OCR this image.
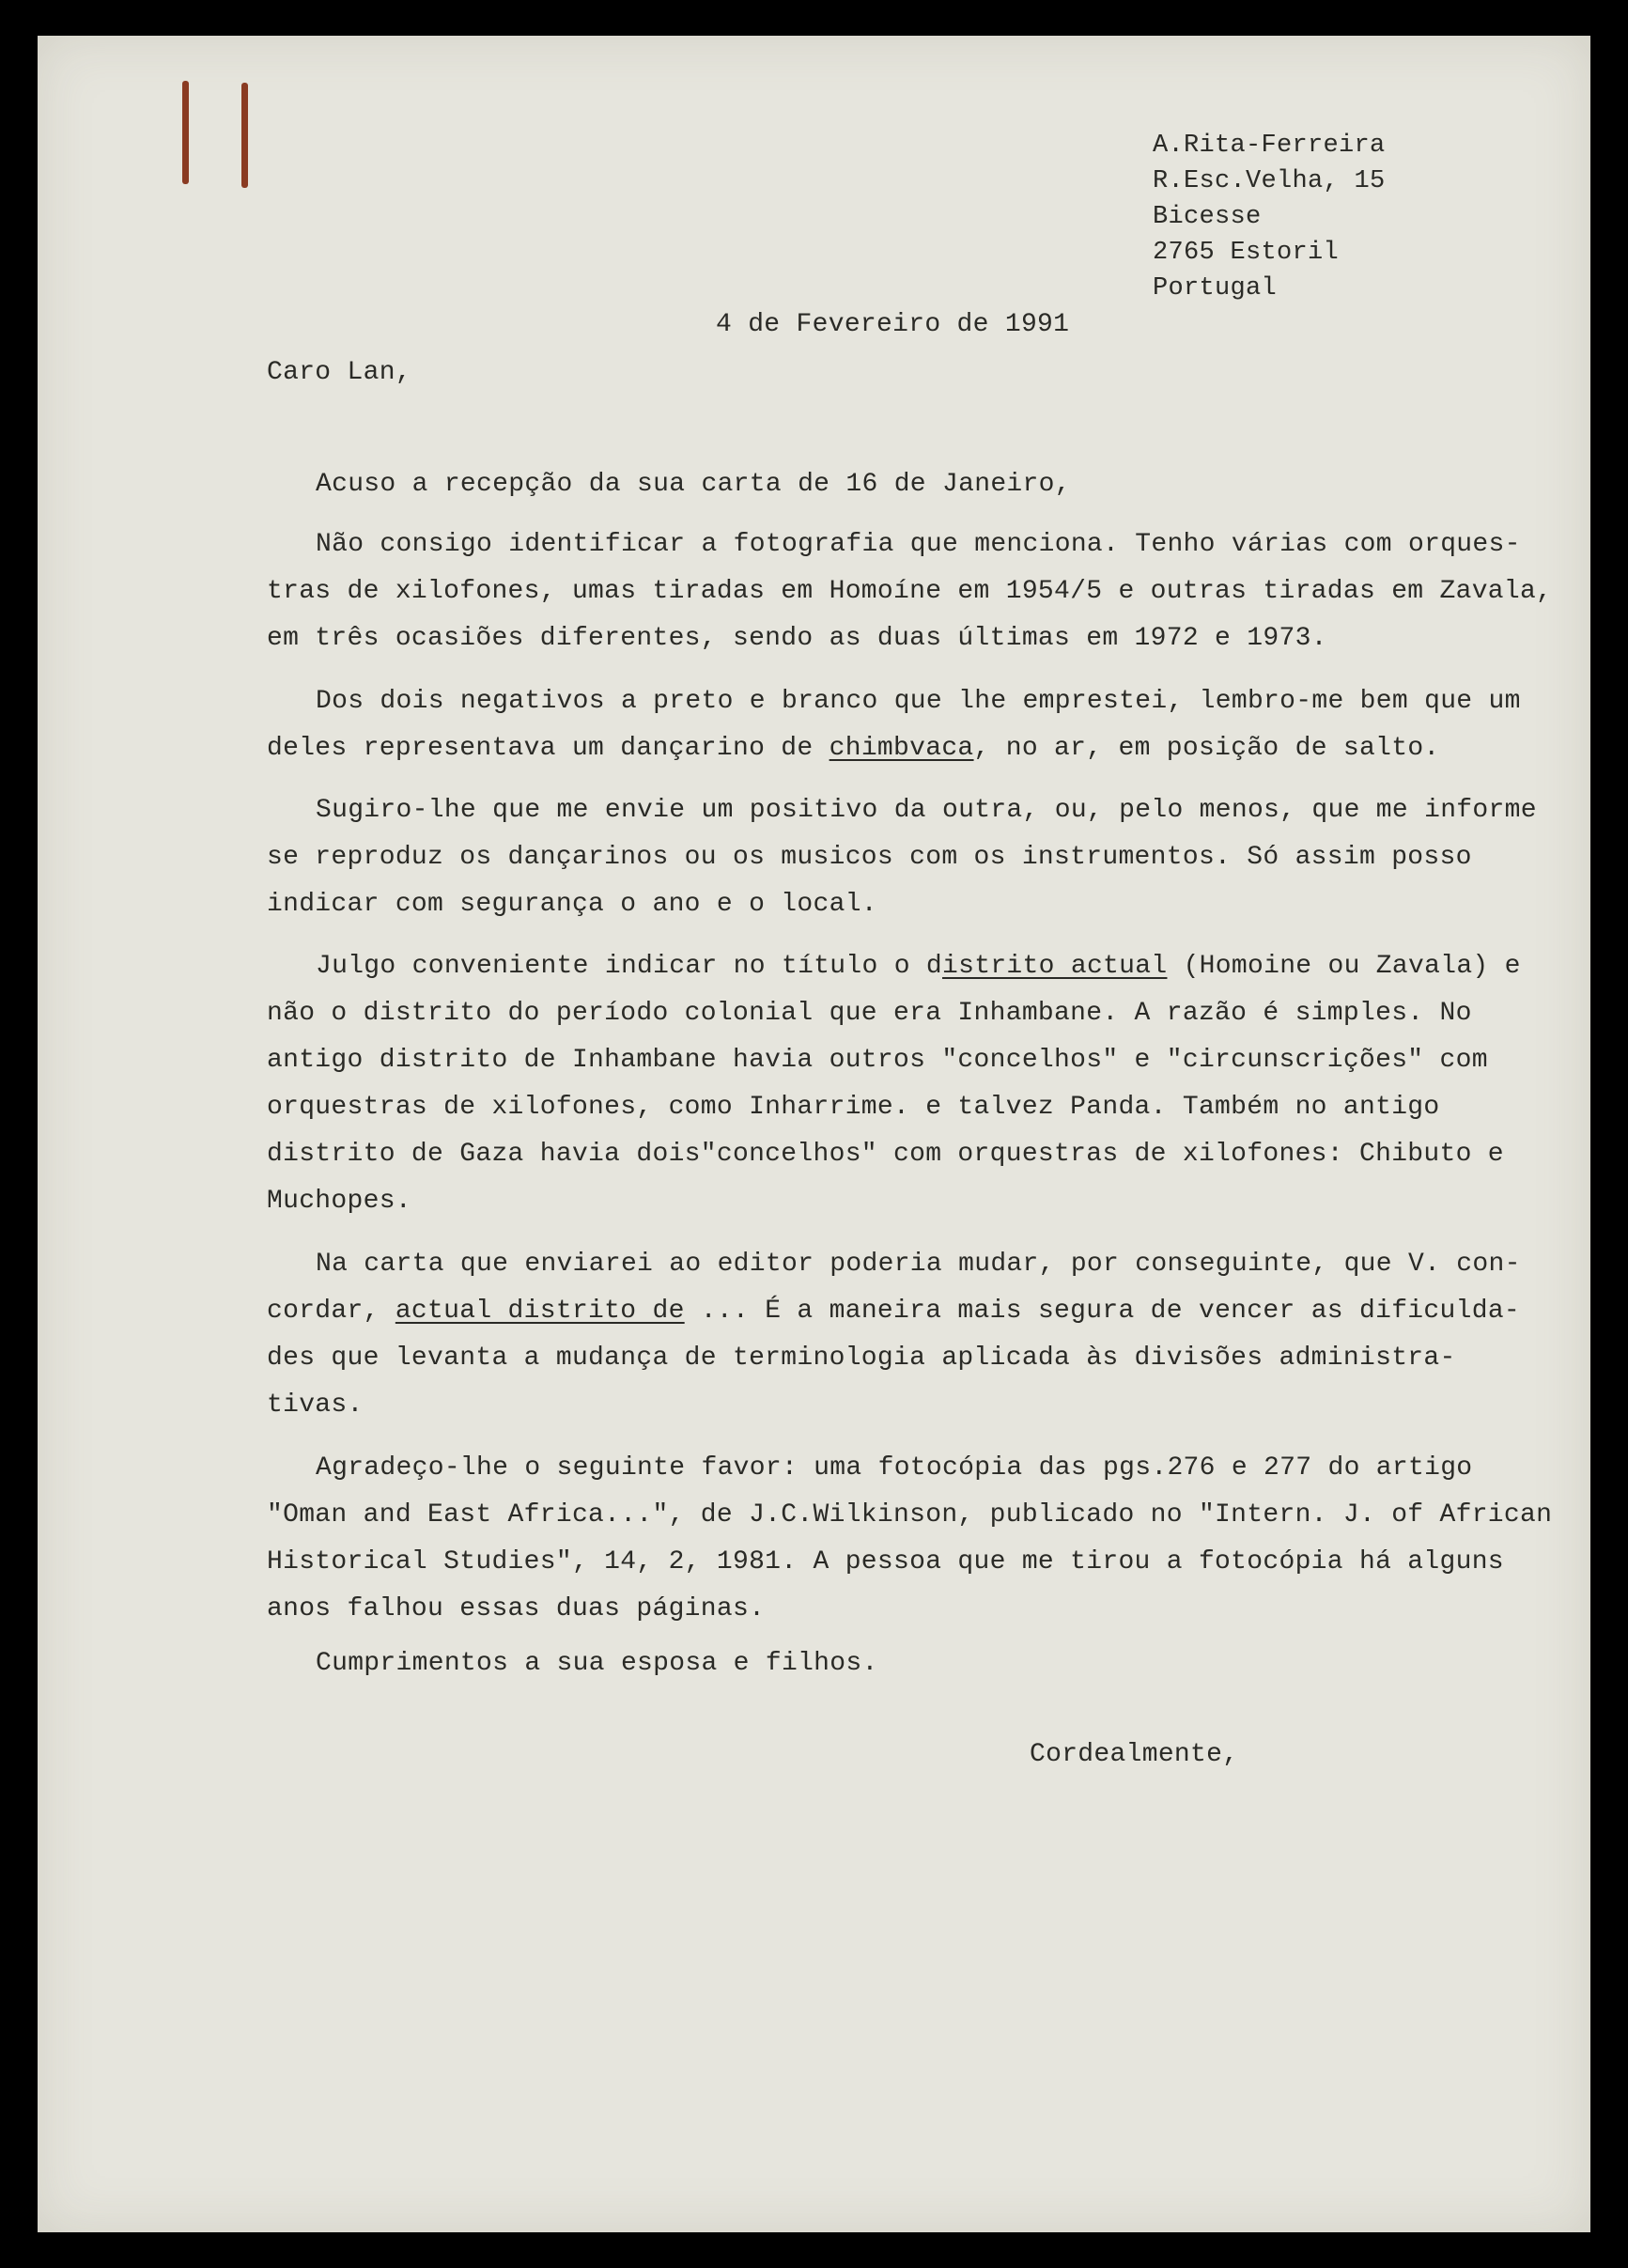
A.Rita-Ferreira
R.Esc.Velha, 15
Bicesse
2765 Estoril
Portugal
4 de Fevereiro de 1991
Caro Lan,
Acuso a recepção da sua carta de 16 de Janeiro,
Não consigo identificar a fotografia que menciona. Tenho várias com orques-
tras de xilofones, umas tiradas em Homoíne em 1954/5 e outras tiradas em Zavala,
em três ocasiões diferentes, sendo as duas últimas em 1972 e 1973.
Dos dois negativos a preto e branco que lhe emprestei, lembro-me bem que um
deles representava um dançarino de chimbvaca, no ar, em posição de salto.
Sugiro-lhe que me envie um positivo da outra, ou, pelo menos, que me informe
se reproduz os dançarinos ou os musicos com os instrumentos. Só assim posso
indicar com segurança o ano e o local.
Julgo conveniente indicar no título o distrito actual (Homoine ou Zavala) e
não o distrito do período colonial que era Inhambane. A razão é simples. No
antigo distrito de Inhambane havia outros "concelhos" e "circunscrições" com
orquestras de xilofones, como Inharrime. e talvez Panda. Também no antigo
distrito de Gaza havia dois"concelhos" com orquestras de xilofones: Chibuto e
Muchopes.
Na carta que enviarei ao editor poderia mudar, por conseguinte, que V. con-
cordar, actual distrito de ... É a maneira mais segura de vencer as dificulda-
des que levanta a mudança de terminologia aplicada às divisões administra-
tivas.
Agradeço-lhe o seguinte favor: uma fotocópia das pgs.276 e 277 do artigo
"Oman and East Africa...", de J.C.Wilkinson, publicado no "Intern. J. of African
Historical Studies", 14, 2, 1981. A pessoa que me tirou a fotocópia há alguns
anos falhou essas duas páginas.
Cumprimentos a sua esposa e filhos.
Cordealmente,
